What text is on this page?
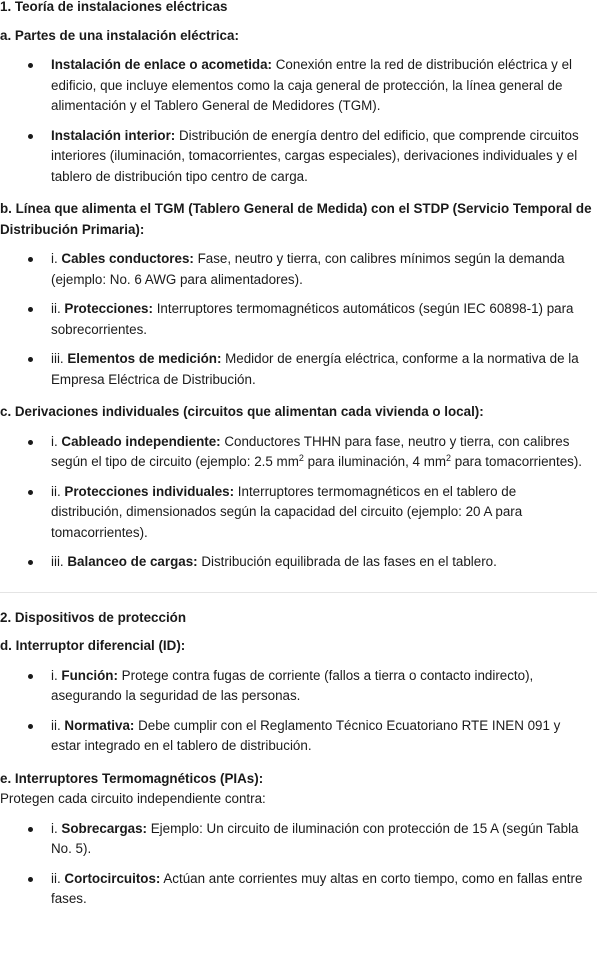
1. Teoría de instalaciones eléctricas

a. Partes de una instalación eléctrica:

Instalación de enlace o acometida: Conexión entre la red de distribución eléctrica y el edificio, que incluye elementos como la caja general de protección, la línea general de alimentación y el Tablero General de Medidores (TGM).
Instalación interior: Distribución de energía dentro del edificio, que comprende circuitos interiores (iluminación, tomacorrientes, cargas especiales), derivaciones individuales y el tablero de distribución tipo centro de carga.

b. Línea que alimenta el TGM (Tablero General de Medida) con el STDP (Servicio Temporal de Distribución Primaria):

i. Cables conductores: Fase, neutro y tierra, con calibres mínimos según la demanda (ejemplo: No. 6 AWG para alimentadores).
ii. Protecciones: Interruptores termomagnéticos automáticos (según IEC 60898-1) para sobrecorrientes.
iii. Elementos de medición: Medidor de energía eléctrica, conforme a la normativa de la Empresa Eléctrica de Distribución.

c. Derivaciones individuales (circuitos que alimentan cada vivienda o local):

i. Cableado independiente: Conductores THHN para fase, neutro y tierra, con calibres según el tipo de circuito (ejemplo: 2.5 $mm^2$ para iluminación, 4 $mm^2$ para tomacorrientes).
ii. Protecciones individuales: Interruptores termomagnéticos en el tablero de distribución, dimensionados según la capacidad del circuito (ejemplo: 20 A para tomacorrientes).
iii. Balanceo de cargas: Distribución equilibrada de las fases en el tablero.

2. Dispositivos de protección

d. Interruptor diferencial (ID):

i. Función: Protege contra fugas de corriente (fallos a tierra o contacto indirecto), asegurando la seguridad de las personas.
ii. Normativa: Debe cumplir con el Reglamento Técnico Ecuatoriano RTE INEN 091 y estar integrado en el tablero de distribución.

e. Interruptores Termomagnéticos (PIAs):

Protegen cada circuito independiente contra:

i. Sobrecargas: Ejemplo: Un circuito de iluminación con protección de 15 A (según Tabla No. 5).
ii. Cortocircuitos: Actúan ante corrientes muy altas en corto tiempo, como en fallas entre fases.
